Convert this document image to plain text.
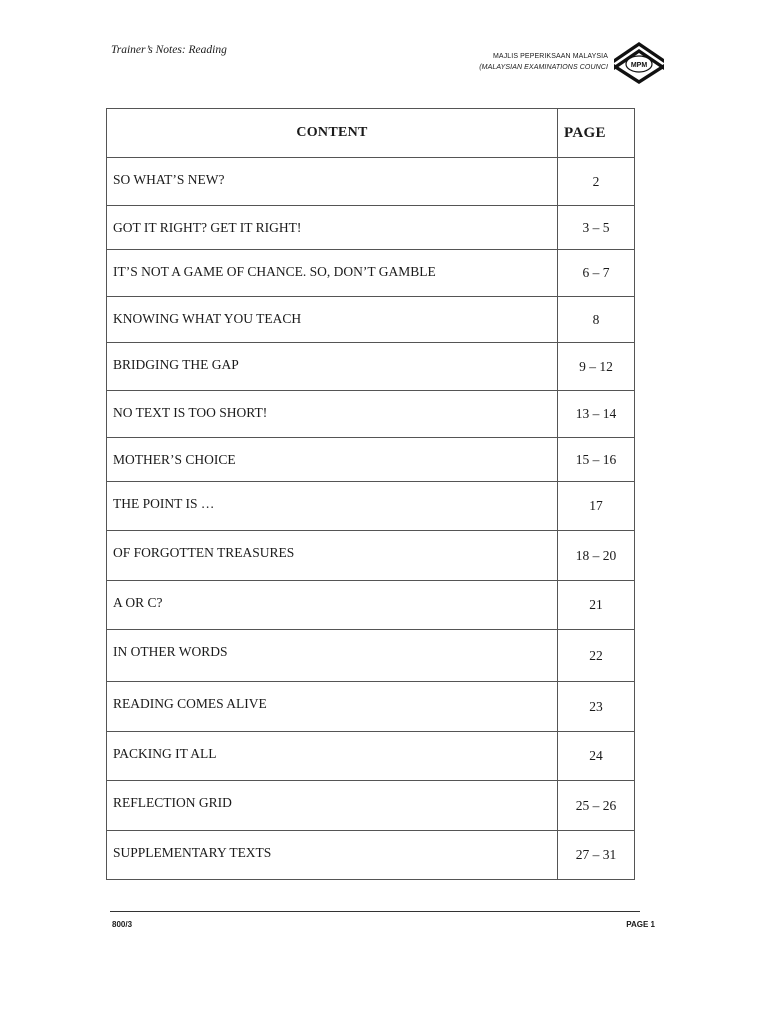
Trainer’s Notes: Reading
MAJLIS PEPERIKSAAN MALAYSIA
(MALAYSIAN EXAMINATIONS COUNCI	MPM
CONTENT	PAGE
SO WHAT’S NEW?	2
GOT IT RIGHT? GET IT RIGHT!	3 – 5
IT’S NOT A GAME OF CHANCE. SO, DON’T GAMBLE	6 – 7
KNOWING WHAT YOU TEACH	8
BRIDGING THE GAP	9 – 12
NO TEXT IS TOO SHORT!	13 – 14
MOTHER’S CHOICE	15 – 16
THE POINT IS …	17
OF FORGOTTEN TREASURES	18 – 20
A OR C?	21
IN OTHER WORDS	22
READING COMES ALIVE	23
PACKING IT ALL	24
REFLECTION GRID	25 – 26
SUPPLEMENTARY TEXTS	27 – 31
800/3	PAGE 1
